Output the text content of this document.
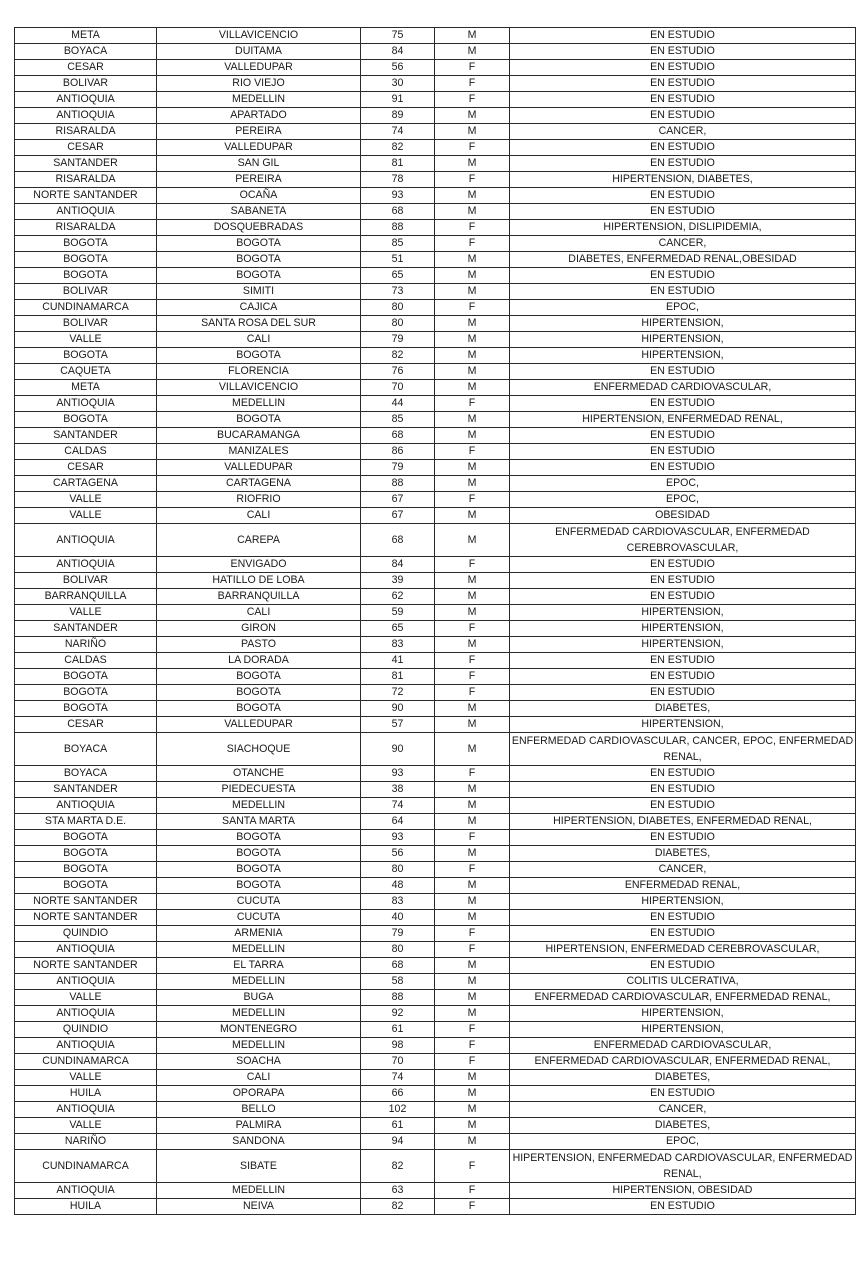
META	VILLAVICENCIO	75	M	EN ESTUDIO
BOYACA	DUITAMA	84	M	EN ESTUDIO
CESAR	VALLEDUPAR	56	F	EN ESTUDIO
BOLIVAR	RIO VIEJO	30	F	EN ESTUDIO
ANTIOQUIA	MEDELLIN	91	F	EN ESTUDIO
ANTIOQUIA	APARTADO	89	M	EN ESTUDIO
RISARALDA	PEREIRA	74	M	CANCER,
CESAR	VALLEDUPAR	82	F	EN ESTUDIO
SANTANDER	SAN GIL	81	M	EN ESTUDIO
RISARALDA	PEREIRA	78	F	HIPERTENSION, DIABETES,
NORTE SANTANDER	OCAÑA	93	M	EN ESTUDIO
ANTIOQUIA	SABANETA	68	M	EN ESTUDIO
RISARALDA	DOSQUEBRADAS	88	F	HIPERTENSION, DISLIPIDEMIA,
BOGOTA	BOGOTA	85	F	CANCER,
BOGOTA	BOGOTA	51	M	DIABETES, ENFERMEDAD RENAL,OBESIDAD
BOGOTA	BOGOTA	65	M	EN ESTUDIO
BOLIVAR	SIMITI	73	M	EN ESTUDIO
CUNDINAMARCA	CAJICA	80	F	EPOC,
BOLIVAR	SANTA ROSA DEL SUR	80	M	HIPERTENSION,
VALLE	CALI	79	M	HIPERTENSION,
BOGOTA	BOGOTA	82	M	HIPERTENSION,
CAQUETA	FLORENCIA	76	M	EN ESTUDIO
META	VILLAVICENCIO	70	M	ENFERMEDAD CARDIOVASCULAR,
ANTIOQUIA	MEDELLIN	44	F	EN ESTUDIO
BOGOTA	BOGOTA	85	M	HIPERTENSION, ENFERMEDAD RENAL,
SANTANDER	BUCARAMANGA	68	M	EN ESTUDIO
CALDAS	MANIZALES	86	F	EN ESTUDIO
CESAR	VALLEDUPAR	79	M	EN ESTUDIO
CARTAGENA	CARTAGENA	88	M	EPOC,
VALLE	RIOFRIO	67	F	EPOC,
VALLE	CALI	67	M	OBESIDAD
ANTIOQUIA	CAREPA	68	M	ENFERMEDAD CARDIOVASCULAR, ENFERMEDAD CEREBROVASCULAR,
ANTIOQUIA	ENVIGADO	84	F	EN ESTUDIO
BOLIVAR	HATILLO DE LOBA	39	M	EN ESTUDIO
BARRANQUILLA	BARRANQUILLA	62	M	EN ESTUDIO
VALLE	CALI	59	M	HIPERTENSION,
SANTANDER	GIRON	65	F	HIPERTENSION,
NARIÑO	PASTO	83	M	HIPERTENSION,
CALDAS	LA DORADA	41	F	EN ESTUDIO
BOGOTA	BOGOTA	81	F	EN ESTUDIO
BOGOTA	BOGOTA	72	F	EN ESTUDIO
BOGOTA	BOGOTA	90	M	DIABETES,
CESAR	VALLEDUPAR	57	M	HIPERTENSION,
BOYACA	SIACHOQUE	90	M	ENFERMEDAD CARDIOVASCULAR, CANCER, EPOC, ENFERMEDAD RENAL,
BOYACA	OTANCHE	93	F	EN ESTUDIO
SANTANDER	PIEDECUESTA	38	M	EN ESTUDIO
ANTIOQUIA	MEDELLIN	74	M	EN ESTUDIO
STA MARTA D.E.	SANTA MARTA	64	M	HIPERTENSION, DIABETES, ENFERMEDAD RENAL,
BOGOTA	BOGOTA	93	F	EN ESTUDIO
BOGOTA	BOGOTA	56	M	DIABETES,
BOGOTA	BOGOTA	80	F	CANCER,
BOGOTA	BOGOTA	48	M	ENFERMEDAD RENAL,
NORTE SANTANDER	CUCUTA	83	M	HIPERTENSION,
NORTE SANTANDER	CUCUTA	40	M	EN ESTUDIO
QUINDIO	ARMENIA	79	F	EN ESTUDIO
ANTIOQUIA	MEDELLIN	80	F	HIPERTENSION, ENFERMEDAD CEREBROVASCULAR,
NORTE SANTANDER	EL TARRA	68	M	EN ESTUDIO
ANTIOQUIA	MEDELLIN	58	M	COLITIS ULCERATIVA,
VALLE	BUGA	88	M	ENFERMEDAD CARDIOVASCULAR, ENFERMEDAD RENAL,
ANTIOQUIA	MEDELLIN	92	M	HIPERTENSION,
QUINDIO	MONTENEGRO	61	F	HIPERTENSION,
ANTIOQUIA	MEDELLIN	98	F	ENFERMEDAD CARDIOVASCULAR,
CUNDINAMARCA	SOACHA	70	F	ENFERMEDAD CARDIOVASCULAR, ENFERMEDAD RENAL,
VALLE	CALI	74	M	DIABETES,
HUILA	OPORAPA	66	M	EN ESTUDIO
ANTIOQUIA	BELLO	102	M	CANCER,
VALLE	PALMIRA	61	M	DIABETES,
NARIÑO	SANDONA	94	M	EPOC,
CUNDINAMARCA	SIBATE	82	F	HIPERTENSION, ENFERMEDAD CARDIOVASCULAR, ENFERMEDAD RENAL,
ANTIOQUIA	MEDELLIN	63	F	HIPERTENSION, OBESIDAD
HUILA	NEIVA	82	F	EN ESTUDIO
